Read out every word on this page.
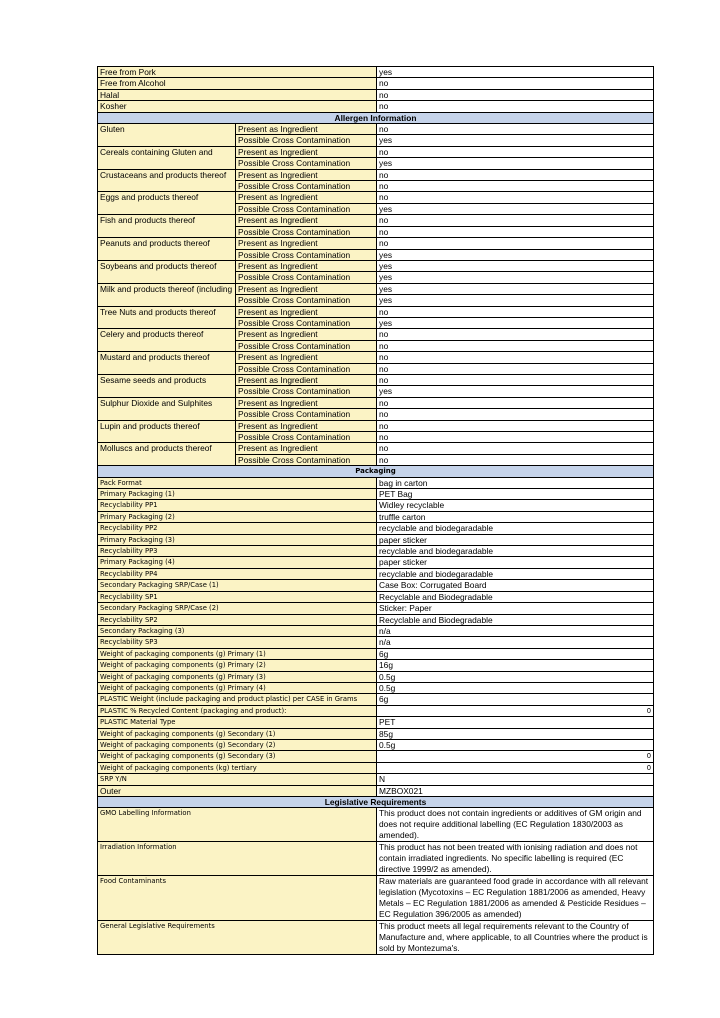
Free from Pork		yes
Free from Alcohol		no
Halal		no
Kosher		no
Allergen Information		
Gluten	Present as Ingredient	no
	Possible Cross Contamination	yes
Cereals containing Gluten and	Present as Ingredient	no
	Possible Cross Contamination	yes
Crustaceans and products thereof	Present as Ingredient	no
	Possible Cross Contamination	no
Eggs and products thereof	Present as Ingredient	no
	Possible Cross Contamination	yes
Fish and products thereof	Present as Ingredient	no
	Possible Cross Contamination	no
Peanuts and products thereof	Present as Ingredient	no
	Possible Cross Contamination	yes
Soybeans and products thereof	Present as Ingredient	yes
	Possible Cross Contamination	yes
Milk and products thereof (including	Present as Ingredient	yes
	Possible Cross Contamination	yes
Tree Nuts and products thereof	Present as Ingredient	no
	Possible Cross Contamination	yes
Celery and products thereof	Present as Ingredient	no
	Possible Cross Contamination	no
Mustard and products thereof	Present as Ingredient	no
	Possible Cross Contamination	no
Sesame seeds and products	Present as Ingredient	no
	Possible Cross Contamination	yes
Sulphur Dioxide and Sulphites	Present as Ingredient	no
	Possible Cross Contamination	no
Lupin and products thereof	Present as Ingredient	no
	Possible Cross Contamination	no
Molluscs and products thereof	Present as Ingredient	no
	Possible Cross Contamination	no
Packaging		
Pack Format		bag in carton
Primary Packaging (1)		PET Bag
Recyclability PP1		Widley recyclable
Primary Packaging (2)		truffle carton
Recyclability PP2		recyclable and biodegaradable
Primary Packaging (3)		paper sticker
Recyclability PP3		recyclable and biodegaradable
Primary Packaging (4)		paper sticker
Recyclability PP4		recyclable and biodegaradable
Secondary Packaging SRP/Case (1)		Case Box: Corrugated Board
Recyclability SP1		Recyclable and Biodegradable
Secondary Packaging SRP/Case (2)		Sticker: Paper
Recyclability SP2		Recyclable and Biodegradable
Secondary Packaging (3)		n/a
Recyclability SP3		n/a
Weight of packaging components (g) Primary (1)		6g
Weight of packaging components (g) Primary (2)		16g
Weight of packaging components (g) Primary (3)		0.5g
Weight of packaging components (g) Primary (4)		0.5g
PLASTIC Weight (include packaging and product plastic) per CASE in Grams		6g
PLASTIC % Recycled Content (packaging and product):		0
PLASTIC Material Type		PET
Weight of packaging components (g) Secondary (1)		85g
Weight of packaging components (g) Secondary (2)		0.5g
Weight of packaging components (g) Secondary (3)		0
Weight of packaging components (kg) tertiary		0
SRP Y/N		N
Outer		MZBOX021
Legislative Requirements		
GMO Labelling Information		This product does not contain ingredients or additives of GM origin and does not require additional labelling (EC Regulation 1830/2003 as amended).
Irradiation Information		This product has not been treated with ionising radiation and does not contain irradiated ingredients. No specific labelling is required (EC directive 1999/2 as amended).
Food Contaminants		Raw materials are guaranteed food grade in accordance with all relevant legislation (Mycotoxins – EC Regulation 1881/2006 as amended, Heavy Metals – EC Regulation 1881/2006 as amended & Pesticide Residues – EC Regulation 396/2005 as amended)
General Legislative Requirements		This product meets all legal requirements relevant to the Country of Manufacture and, where applicable, to all Countries where the product is sold by Montezuma's.
